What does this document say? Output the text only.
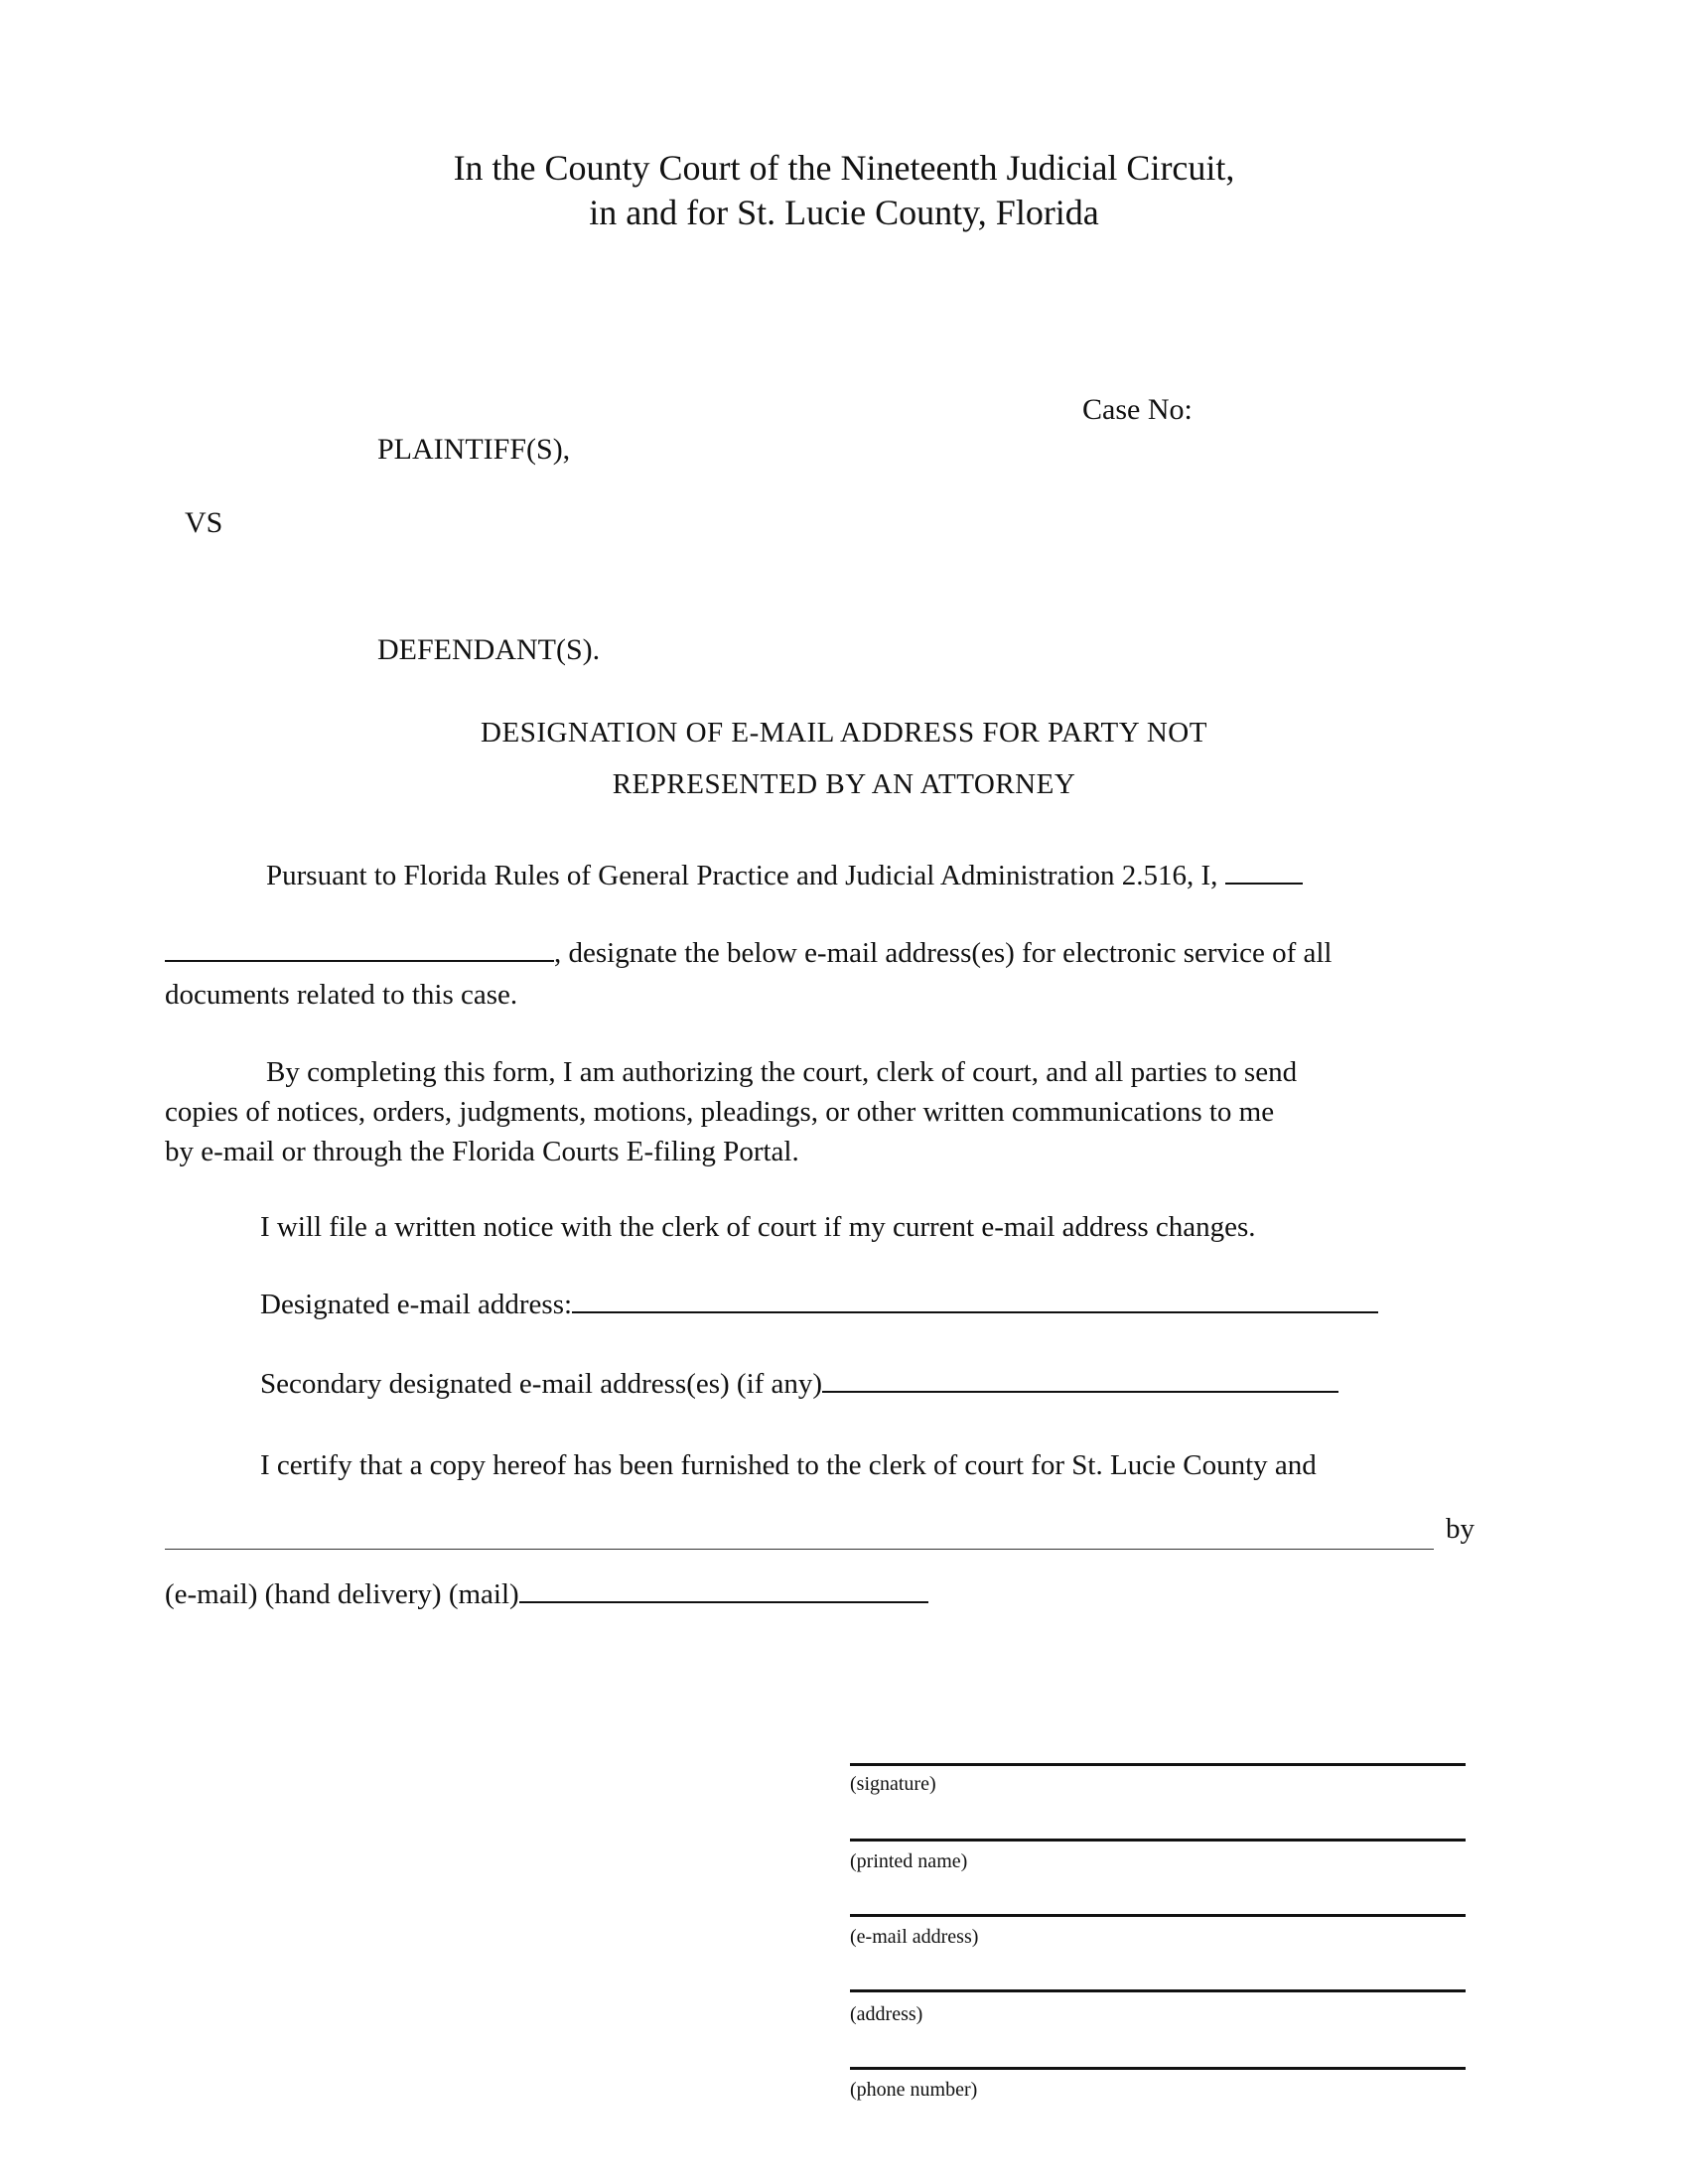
In the County Court of the Nineteenth Judicial Circuit,
in and for St. Lucie County, Florida
Case No:
PLAINTIFF(S),
VS
DEFENDANT(S).
DESIGNATION OF E-MAIL ADDRESS FOR PARTY NOT
REPRESENTED BY AN ATTORNEY
Pursuant to Florida Rules of General Practice and Judicial Administration 2.516, I,
, designate the below e-mail address(es) for electronic service of all
documents related to this case.
By completing this form, I am authorizing the court, clerk of court, and all parties to send
copies of notices, orders, judgments, motions, pleadings, or other written communications to me
by e-mail or through the Florida Courts E-filing Portal.
I will file a written notice with the clerk of court if my current e-mail address changes.
Designated e-mail address:
Secondary designated e-mail address(es) (if any)
I certify that a copy hereof has been furnished to the clerk of court for St. Lucie County and
by
(e-mail) (hand delivery) (mail)
(signature)
(printed name)
(e-mail address)
(address)
(phone number)
